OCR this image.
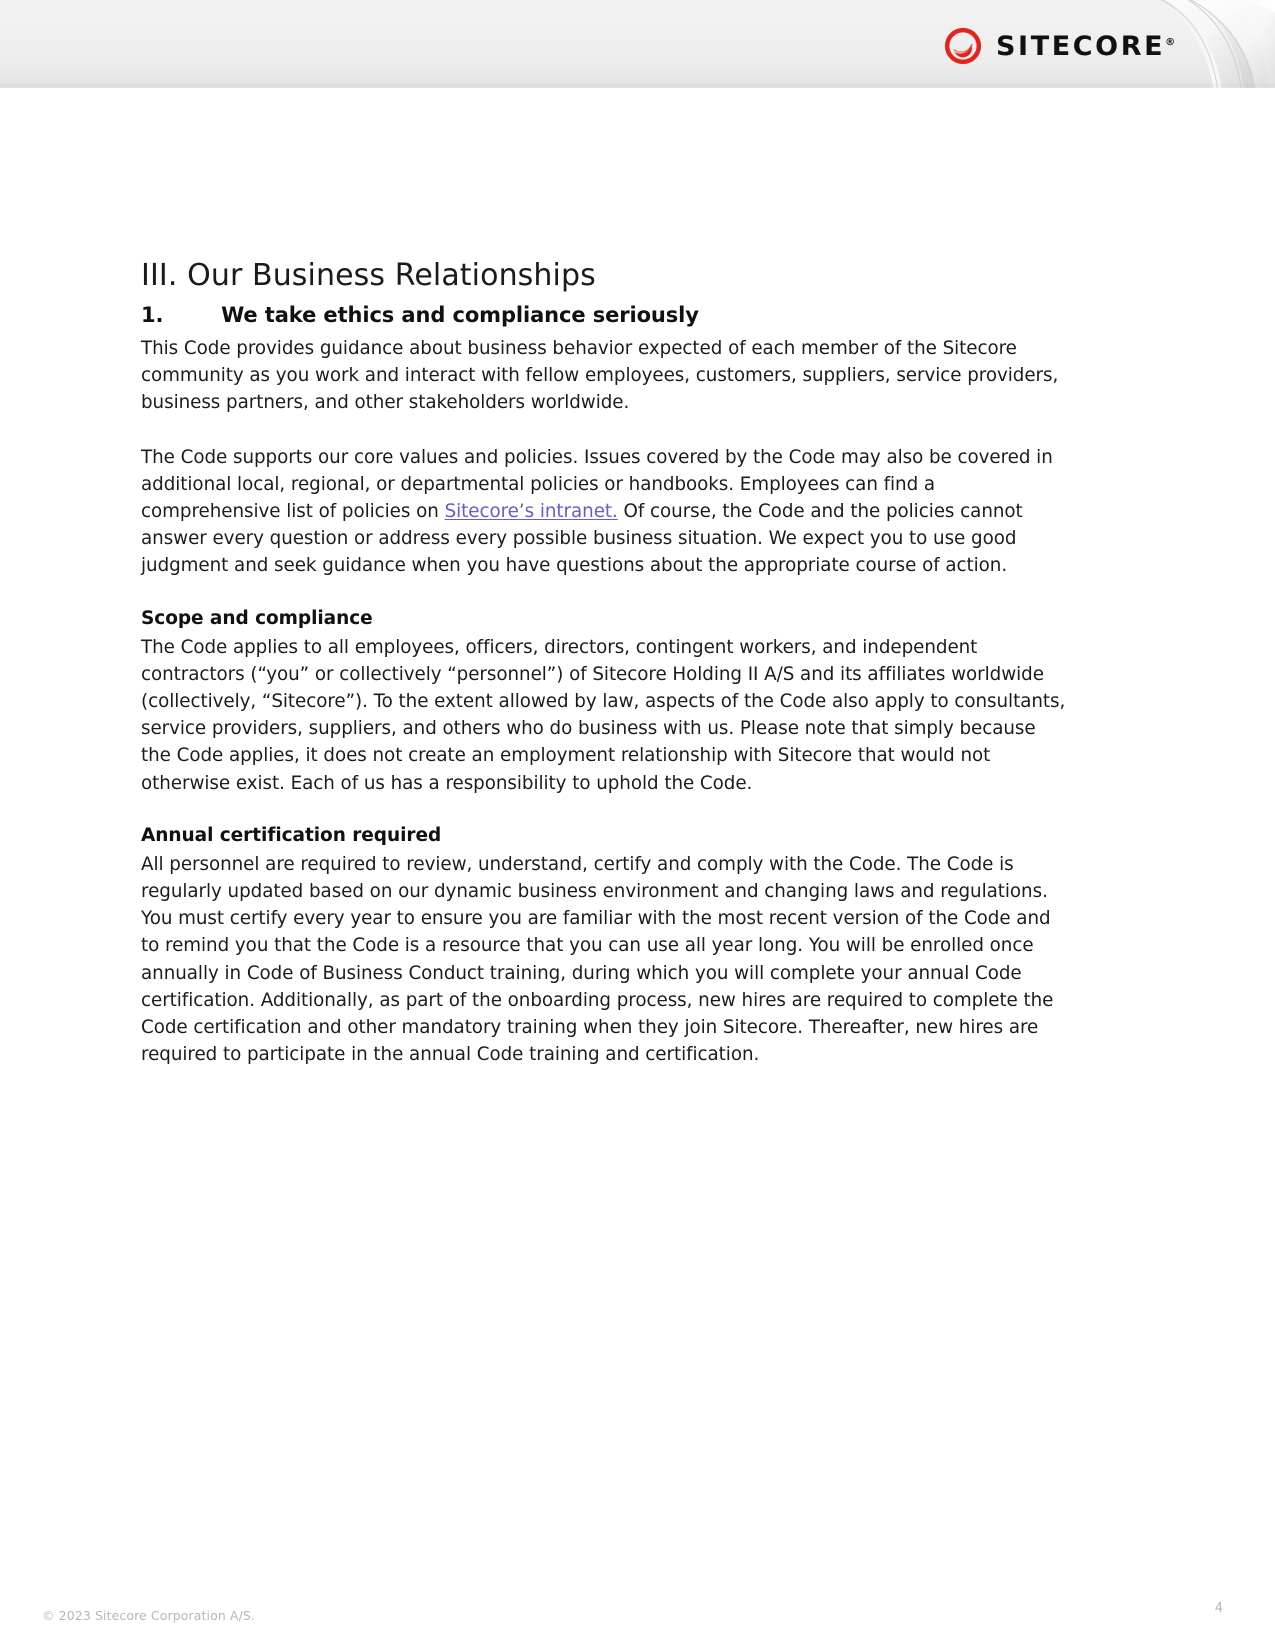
SITECORE®
III. Our Business Relationships
1.	We take ethics and compliance seriously

This Code provides guidance about business behavior expected of each member of the Sitecore community as you work and interact with fellow employees, customers, suppliers, service providers, business partners, and other stakeholders worldwide.

The Code supports our core values and policies. Issues covered by the Code may also be covered in additional local, regional, or departmental policies or handbooks. Employees can find a comprehensive list of policies on Sitecore’s intranet. Of course, the Code and the policies cannot answer every question or address every possible business situation. We expect you to use good judgment and seek guidance when you have questions about the appropriate course of action.

Scope and compliance

The Code applies to all employees, officers, directors, contingent workers, and independent contractors (“you” or collectively “personnel”) of Sitecore Holding II A/S and its affiliates worldwide (collectively, “Sitecore”). To the extent allowed by law, aspects of the Code also apply to consultants, service providers, suppliers, and others who do business with us. Please note that simply because the Code applies, it does not create an employment relationship with Sitecore that would not otherwise exist. Each of us has a responsibility to uphold the Code.

Annual certification required

All personnel are required to review, understand, certify and comply with the Code. The Code is regularly updated based on our dynamic business environment and changing laws and regulations. You must certify every year to ensure you are familiar with the most recent version of the Code and to remind you that the Code is a resource that you can use all year long. You will be enrolled once annually in Code of Business Conduct training, during which you will complete your annual Code certification. Additionally, as part of the onboarding process, new hires are required to complete the Code certification and other mandatory training when they join Sitecore. Thereafter, new hires are required to participate in the annual Code training and certification.

© 2023 Sitecore Corporation A/S.	4
